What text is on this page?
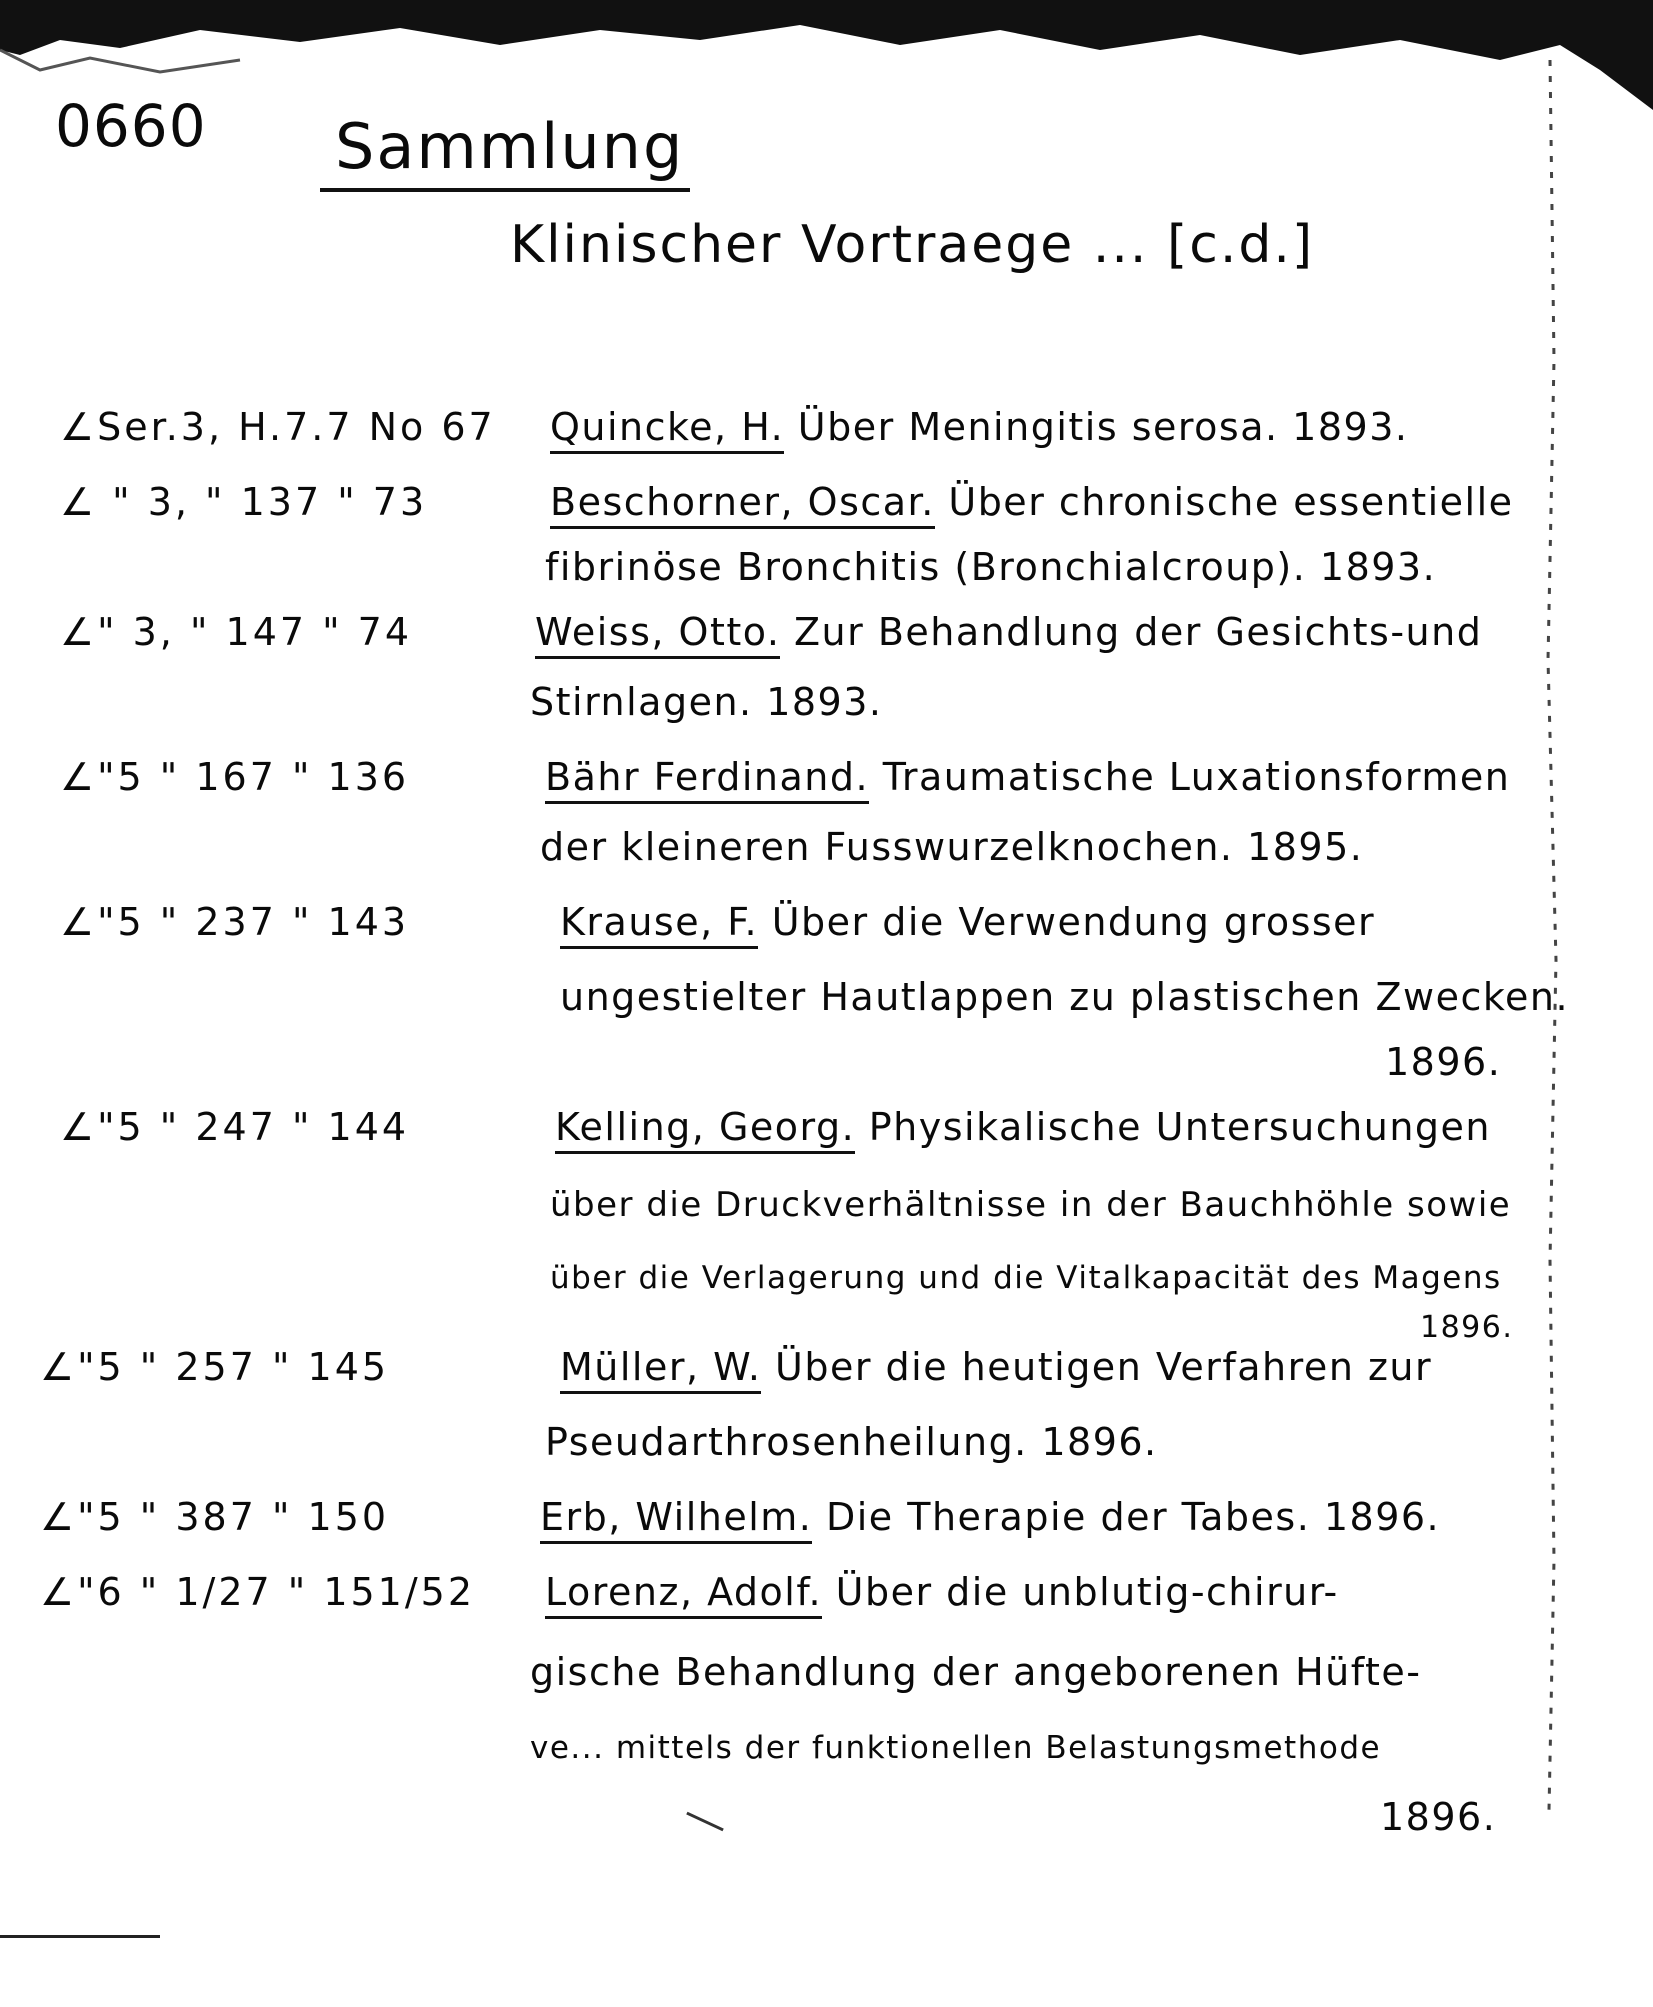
0660 Sammlung
Klinischer Vortraege ... [c.d.]
∠Ser.3, H.7.7 No 67 Quincke, H. Über Meningitis serosa. 1893.
∠ " 3, " 137 " 73	Beschorner, Oscar. Über chronische essentielle
fibrinöse Bronchitis (Bronchialcroup). 1893.
∠" 3, " 147 " 74	Weiss, Otto. Zur Behandlung der Gesichts-und
Stirnlagen. 1893.
∠"5 " 167 " 136	Bähr Ferdinand. Traumatische Luxationsformen
der kleineren Fusswurzelknochen. 1895.
∠"5 " 237 " 143	Krause, F. Über die Verwendung grosser
ungestielter Hautlappen zu plastischen Zwecken.
1896.
∠"5 " 247 " 144	Kelling, Georg. Physikalische Untersuchungen
über die Druckverhältnisse in der Bauchhöhle sowie
über die Verlagerung und die Vitalkapacität des Magens
1896.
∠"5 " 257 " 145	Müller, W. Über die heutigen Verfahren zur
Pseudarthrosenheilung. 1896.
∠"5 " 387 " 150	Erb, Wilhelm. Die Therapie der Tabes. 1896.
∠"6 " 1/27 " 151/52 Lorenz, Adolf. Über die unblutig-chirur-
gische Behandlung der angeborenen Hüfte-
ve... mittels der funktionellen Belastungsmethode
1896.
